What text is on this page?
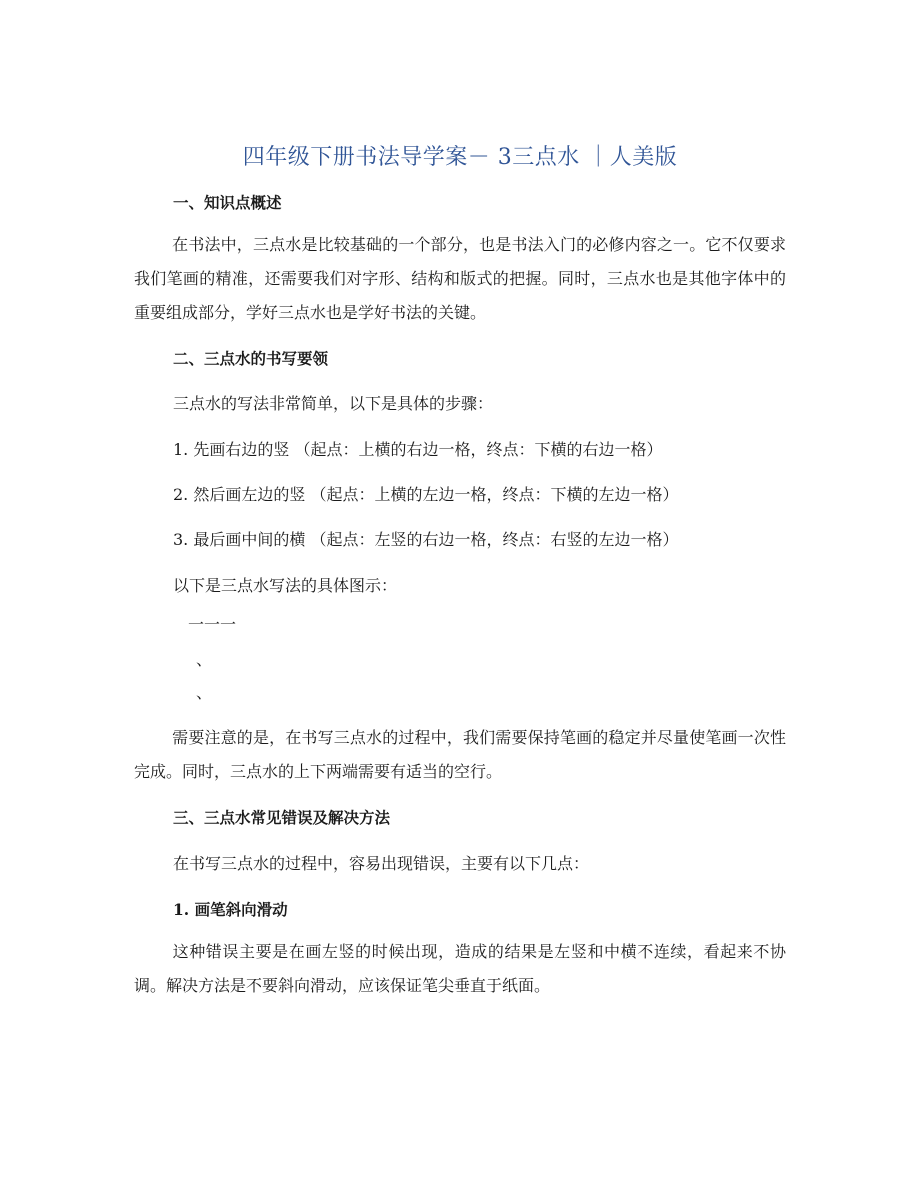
四年级下册书法导学案－ 3三点水 ｜人美版
一、知识点概述
在书法中，三点水是比较基础的一个部分，也是书法入门的必修内容之一。它不仅要求我们笔画的精准，还需要我们对字形、结构和版式的把握。同时，三点水也是其他字体中的重要组成部分，学好三点水也是学好书法的关键。
二、三点水的书写要领
三点水的写法非常简单，以下是具体的步骤：
1. 先画右边的竖 （起点：上横的右边一格，终点：下横的右边一格）
2. 然后画左边的竖 （起点：上横的左边一格，终点：下横的左边一格）
3. 最后画中间的横 （起点：左竖的右边一格，终点：右竖的左边一格）
以下是三点水写法的具体图示：
一一一
、
、
需要注意的是，在书写三点水的过程中，我们需要保持笔画的稳定并尽量使笔画一次性完成。同时，三点水的上下两端需要有适当的空行。
三、三点水常见错误及解决方法
在书写三点水的过程中，容易出现错误，主要有以下几点：
1. 画笔斜向滑动
这种错误主要是在画左竖的时候出现，造成的结果是左竖和中横不连续，看起来不协调。解决方法是不要斜向滑动，应该保证笔尖垂直于纸面。
